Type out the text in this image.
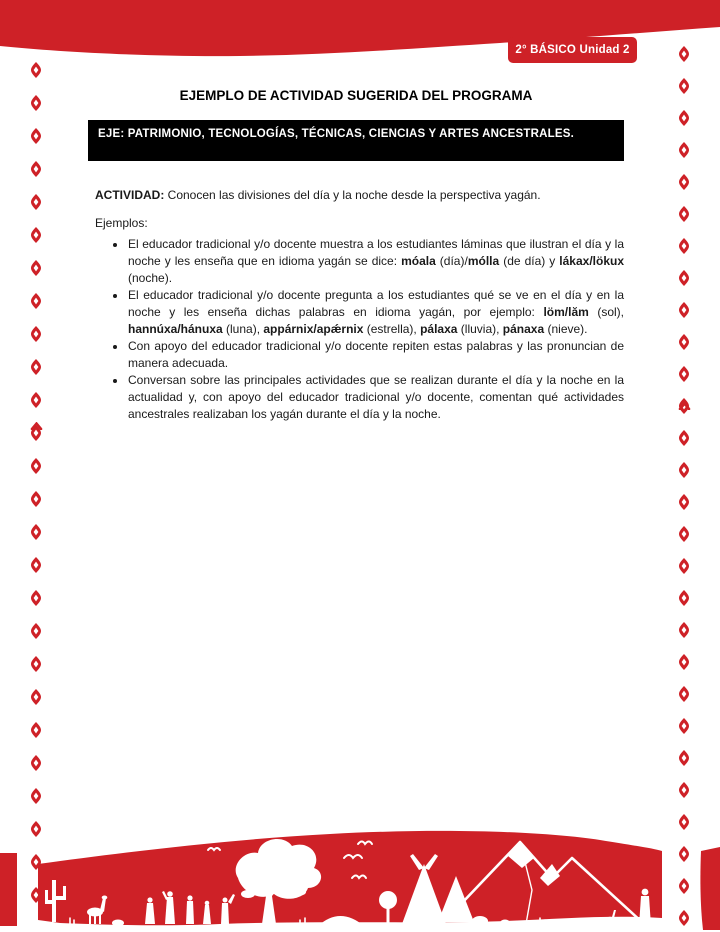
2° BÁSICO Unidad 2
EJEMPLO DE ACTIVIDAD SUGERIDA DEL PROGRAMA
EJE: PATRIMONIO, TECNOLOGÍAS, TÉCNICAS, CIENCIAS Y ARTES ANCESTRALES.

ACTIVIDAD: Conocen las divisiones del día y la noche desde la perspectiva yagán.

Ejemplos:

• El educador tradicional y/o docente muestra a los estudiantes láminas que ilustran el día y la noche y les enseña que en idioma yagán se dice: móala (día)/mólla (de día) y lákax/lökux (noche).
• El educador tradicional y/o docente pregunta a los estudiantes qué se ve en el día y en la noche y les enseña dichas palabras en idioma yagán, por ejemplo: löm/lăm (sol), hannúxa/hánuxa (luna), appárnix/apǽrnix (estrella), pálaxa (lluvia), pánaxa (nieve).
• Con apoyo del educador tradicional y/o docente repiten estas palabras y las pronuncian de manera adecuada.
• Conversan sobre las principales actividades que se realizan durante el día y la noche en la actualidad y, con apoyo del educador tradicional y/o docente, comentan qué actividades ancestrales realizaban los yagán durante el día y la noche.
